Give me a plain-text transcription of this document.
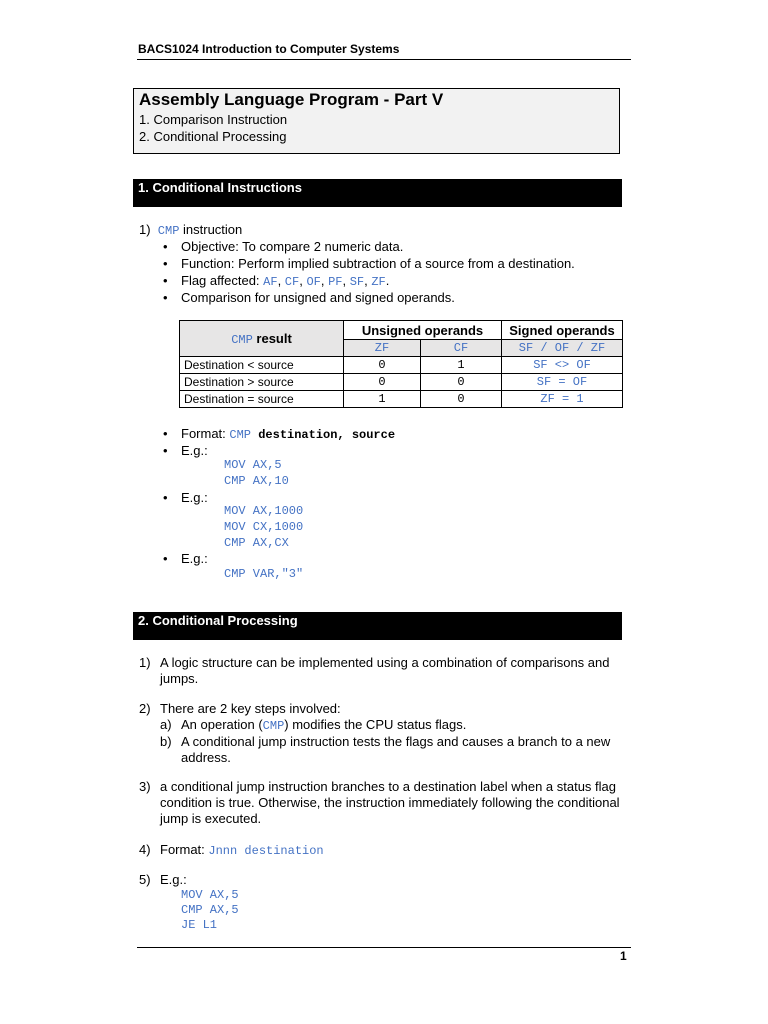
BACS1024 Introduction to Computer Systems
Assembly Language Program - Part V
1. Comparison Instruction
2. Conditional Processing
1. Conditional Instructions
1) CMP instruction
• Objective: To compare 2 numeric data.
• Function: Perform implied subtraction of a source from a destination.
• Flag affected: AF, CF, OF, PF, SF, ZF.
• Comparison for unsigned and signed operands.
CMP result	Unsigned operands		Signed operands
	ZF	CF	SF / OF / ZF
Destination < source	0	1	SF <> OF
Destination > source	0	0	SF = OF
Destination = source	1	0	ZF = 1
• Format: CMP destination, source
• E.g.:
MOV AX,5
CMP AX,10
• E.g.:
MOV AX,1000
MOV CX,1000
CMP AX,CX
• E.g.:
CMP VAR,"3"
2. Conditional Processing
1) A logic structure can be implemented using a combination of comparisons and
jumps.
2) There are 2 key steps involved:
a) An operation (CMP) modifies the CPU status flags.
b) A conditional jump instruction tests the flags and causes a branch to a new
address.
3) a conditional jump instruction branches to a destination label when a status flag
condition is true. Otherwise, the instruction immediately following the conditional
jump is executed.
4) Format: Jnnn destination
5) E.g.:
MOV AX,5
CMP AX,5
JE L1
1
